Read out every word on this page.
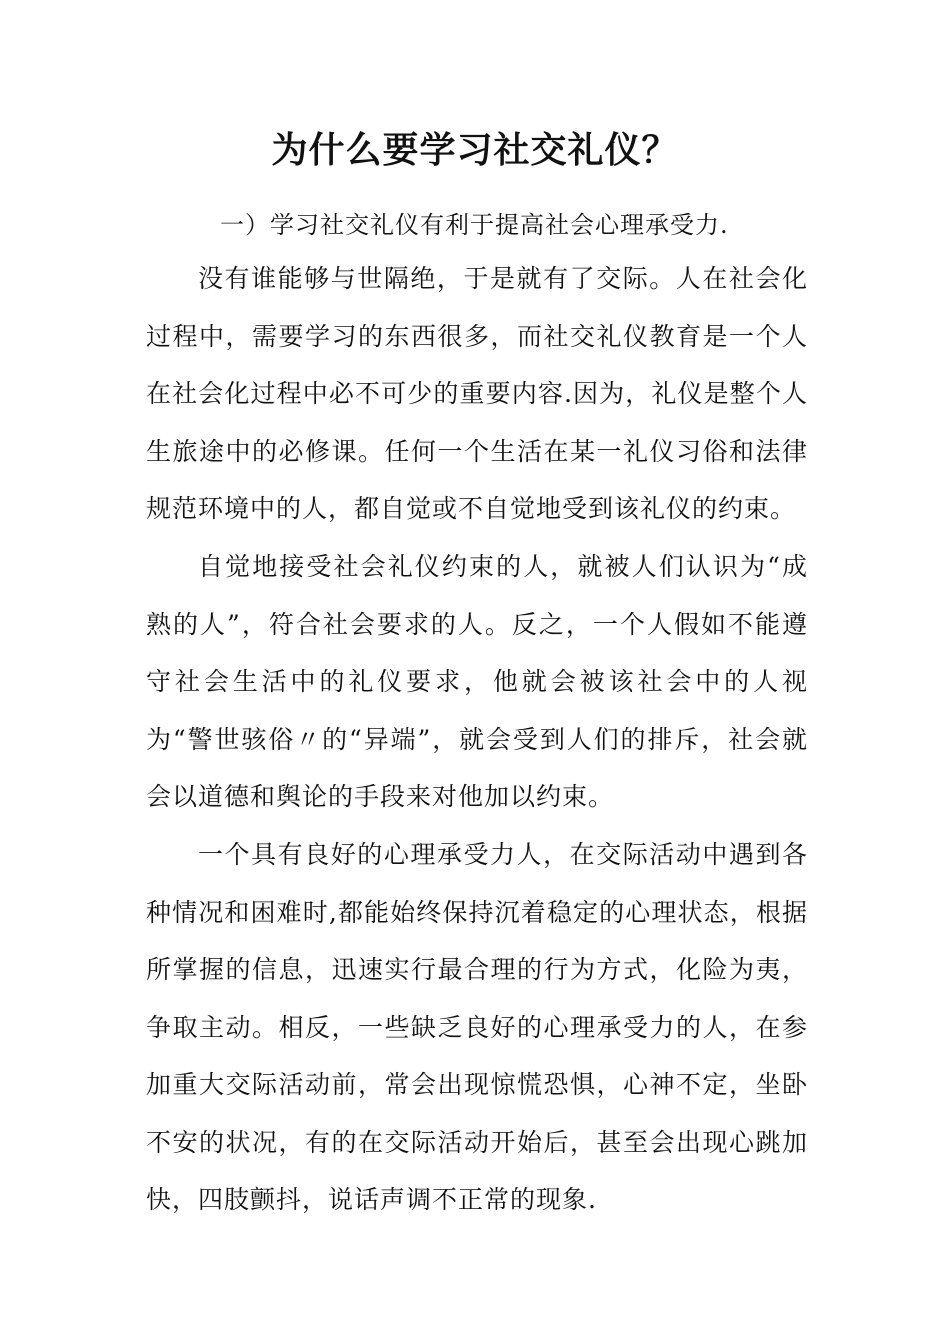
为什么要学习社交礼仪？

一）学习社交礼仪有利于提高社会心理承受力.

没有谁能够与世隔绝，于是就有了交际。人在社会化过程中，需要学习的东西很多，而社交礼仪教育是一个人在社会化过程中必不可少的重要内容.因为，礼仪是整个人生旅途中的必修课。任何一个生活在某一礼仪习俗和法律规范环境中的人，都自觉或不自觉地受到该礼仪的约束。

自觉地接受社会礼仪约束的人，就被人们认识为“成熟的人”，符合社会要求的人。反之，一个人假如不能遵守社会生活中的礼仪要求，他就会被该社会中的人视为“警世骇俗〃的“异端”，就会受到人们的排斥，社会就会以道德和舆论的手段来对他加以约束。

一个具有良好的心理承受力人，在交际活动中遇到各种情况和困难时,都能始终保持沉着稳定的心理状态，根据所掌握的信息，迅速实行最合理的行为方式，化险为夷，争取主动。相反，一些缺乏良好的心理承受力的人，在参加重大交际活动前，常会出现惊慌恐惧，心神不定，坐卧不安的状况，有的在交际活动开始后，甚至会出现心跳加快，四肢颤抖，说话声调不正常的现象.
